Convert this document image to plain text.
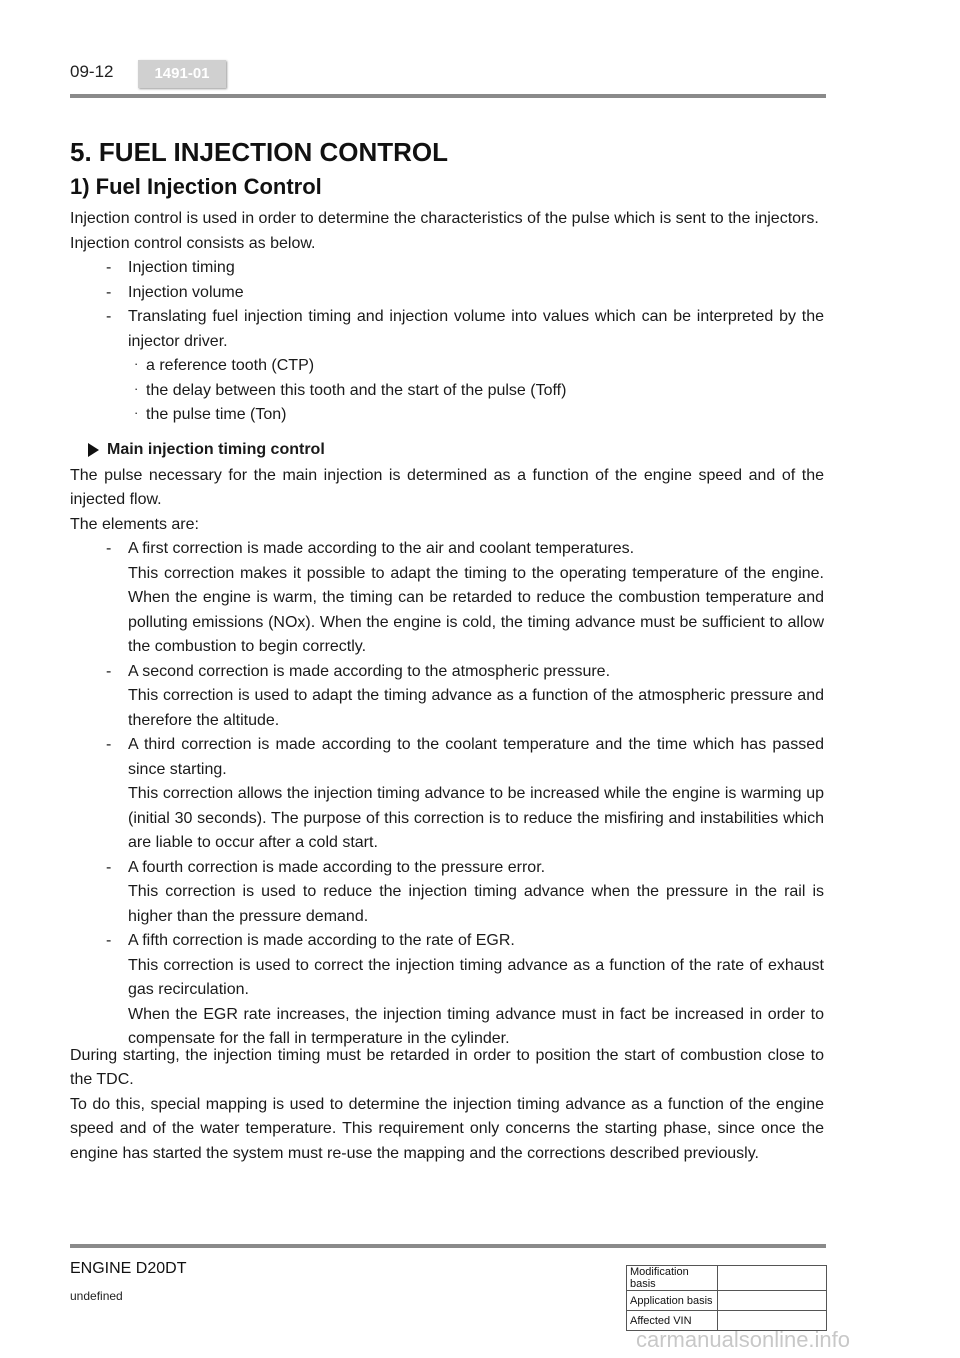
09-12	1491-01
5. FUEL INJECTION CONTROL
1) Fuel Injection Control

Injection control is used in order to determine the characteristics of the pulse which is sent to the injectors.

Injection control consists as below.

- Injection timing
- Injection volume
- Translating fuel injection timing and injection volume into values which can be interpreted by the injector driver.
· a reference tooth (CTP)
· the delay between this tooth and the start of the pulse (Toff)
· the pulse time (Ton)
Main injection timing control

The pulse necessary for the main injection is determined as a function of the engine speed and of the injected flow.

The elements are:

- A first correction is made according to the air and coolant temperatures.
This correction makes it possible to adapt the timing to the operating temperature of the engine. When the engine is warm, the timing can be retarded to reduce the combustion temperature and polluting emissions (NOx). When the engine is cold, the timing advance must be sufficient to allow the combustion to begin correctly.
- A second correction is made according to the atmospheric pressure.
This correction is used to adapt the timing advance as a function of the atmospheric pressure and therefore the altitude.
- A third correction is made according to the coolant temperature and the time which has passed since starting.
This correction allows the injection timing advance to be increased while the engine is warming up (initial 30 seconds). The purpose of this correction is to reduce the misfiring and instabilities which are liable to occur after a cold start.
- A fourth correction is made according to the pressure error.
This correction is used to reduce the injection timing advance when the pressure in the rail is higher than the pressure demand.
- A fifth correction is made according to the rate of EGR.
This correction is used to correct the injection timing advance as a function of the rate of exhaust gas recirculation.
When the EGR rate increases, the injection timing advance must in fact be increased in order to compensate for the fall in termperature in the cylinder.

During starting, the injection timing must be retarded in order to position the start of combustion close to the TDC.

To do this, special mapping is used to determine the injection timing advance as a function of the engine speed and of the water temperature. This requirement only concerns the starting phase, since once the engine has started the system must re-use the mapping and the corrections described previously.

ENGINE D20DT
undefined
Modification basis	
Application basis	
Affected VIN	
carmanualsonline.info
